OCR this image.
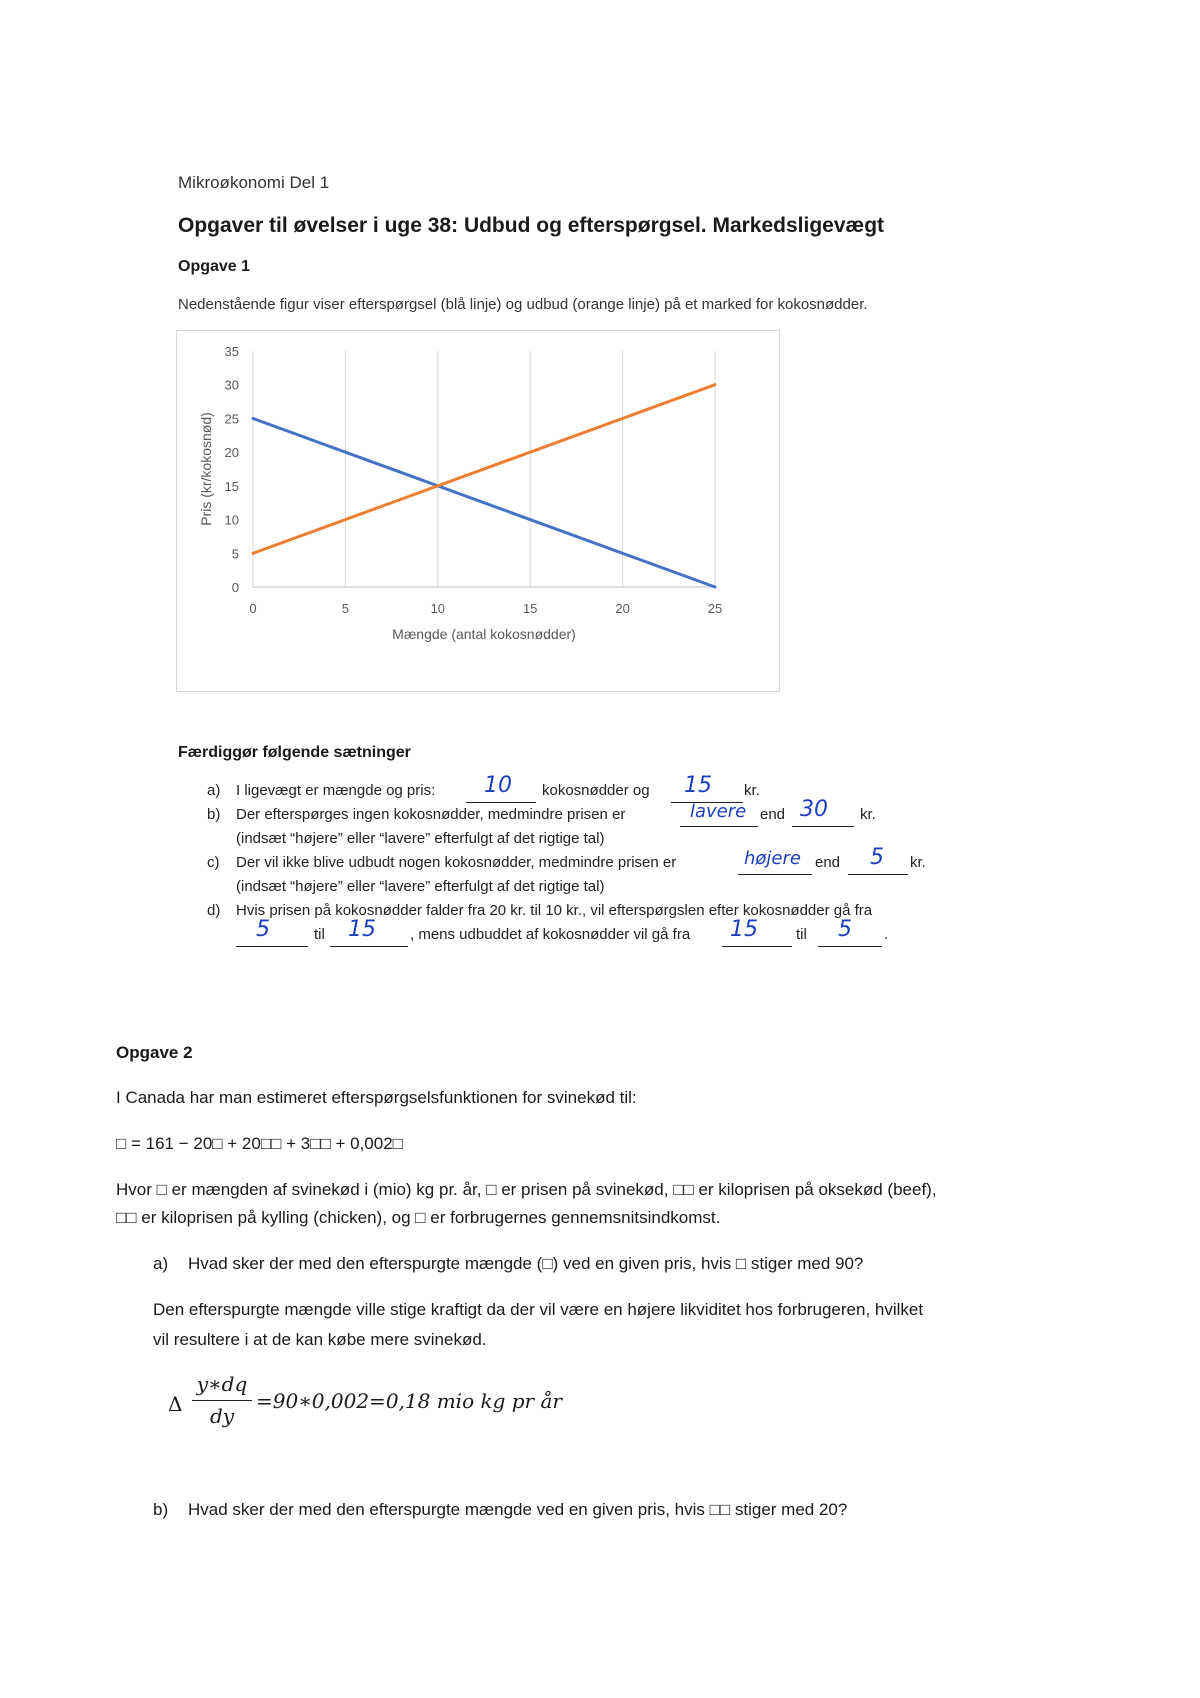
Mikroøkonomi Del 1
Opgaver til øvelser i uge 38: Udbud og efterspørgsel. Markedsligevægt
Opgave 1
Nedenstående figur viser efterspørgsel (blå linje) og udbud (orange linje) på et marked for kokosnødder.
0	5	10	15	20	25
0
5
10
15
20
25
30
35
Mængde (antal kokosnødder)
Pris (kr/kokosnød)
Færdiggør følgende sætninger
a) I ligevægt er mængde og pris: 10 kokosnødder og 15 kr.
b) Der efterspørges ingen kokosnødder, medmindre prisen er	lavere end 30 kr.
(indsæt “højere” eller “lavere” efterfulgt af det rigtige tal)
c) Der vil ikke blive udbudt nogen kokosnødder, medmindre prisen er	højere end 5 kr.
(indsæt “højere” eller “lavere” efterfulgt af det rigtige tal)
d) Hvis prisen på kokosnødder falder fra 20 kr. til 10 kr., vil efterspørgslen efter kokosnødder gå fra
5	til 15 , mens udbuddet af kokosnødder vil gå fra 15	til 5 .
Opgave 2
I Canada har man estimeret efterspørgselsfunktionen for svinekød til:
□ = 161 − 20□ + 20□□ + 3□□ + 0,002□
Hvor □ er mængden af svinekød i (mio) kg pr. år, □ er prisen på svinekød, □□ er kiloprisen på oksekød (beef),
□□ er kiloprisen på kylling (chicken), og □ er forbrugernes gennemsnitsindkomst.
a) Hvad sker der med den efterspurgte mængde (□) ved en given pris, hvis □ stiger med 90?
Den efterspurgte mængde ville stige kraftigt da der vil være en højere likviditet hos forbrugeren, hvilket
vil resultere i at de kan købe mere svinekød.
Δ
y∗dq
dy
=90∗0,002=0,18 mio kg pr år
b) Hvad sker der med den efterspurgte mængde ved en given pris, hvis □□ stiger med 20?
